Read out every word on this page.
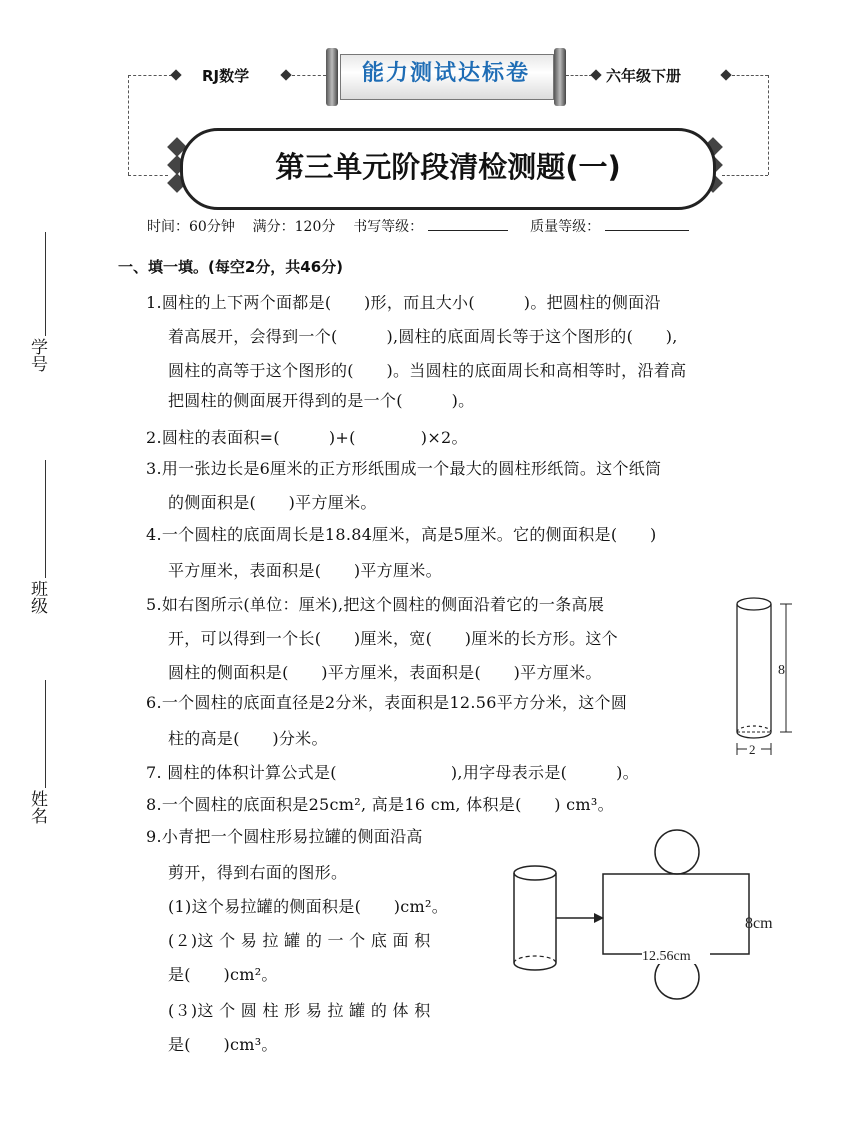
RJ数学	能力测试达标卷	六年级下册
第三单元阶段清检测题(一)
时间：60分钟 满分：120分 书写等级：	质量等级：
学号
班级
姓名
一、填一填。(每空2分，共46分)
1.圆柱的上下两个面都是(　　)形，而且大小(　　　)。把圆柱的侧面沿
着高展开，会得到一个(　　　),圆柱的底面周长等于这个图形的(　　),
圆柱的高等于这个图形的(　　)。当圆柱的底面周长和高相等时，沿着高
把圆柱的侧面展开得到的是一个(　　　)。
2.圆柱的表面积=(　　　)+(　　　　)×2。
3.用一张边长是6厘米的正方形纸围成一个最大的圆柱形纸筒。这个纸筒
的侧面积是(　　)平方厘米。
4.一个圆柱的底面周长是18.84厘米，高是5厘米。它的侧面积是(　　)
平方厘米，表面积是(　　)平方厘米。
5.如右图所示(单位：厘米),把这个圆柱的侧面沿着它的一条高展
开，可以得到一个长(　　)厘米，宽(　　)厘米的长方形。这个
圆柱的侧面积是(　　)平方厘米，表面积是(　　)平方厘米。
6.一个圆柱的底面直径是2分米，表面积是12.56平方分米，这个圆
柱的高是(　　)分米。
7. 圆柱的体积计算公式是(　　　　　　　),用字母表示是(　　　)。
8.一个圆柱的底面积是25cm², 高是16 cm, 体积是(　　) cm³。
9.小青把一个圆柱形易拉罐的侧面沿高
剪开，得到右面的图形。
(1)这个易拉罐的侧面积是(　　)cm²。
(２)这 个 易 拉 罐 的 一 个 底 面 积
是(　　)cm²。
(３)这 个 圆 柱 形 易 拉 罐 的 体 积
是(　　)cm³。
8
2
12.56cm
8cm
